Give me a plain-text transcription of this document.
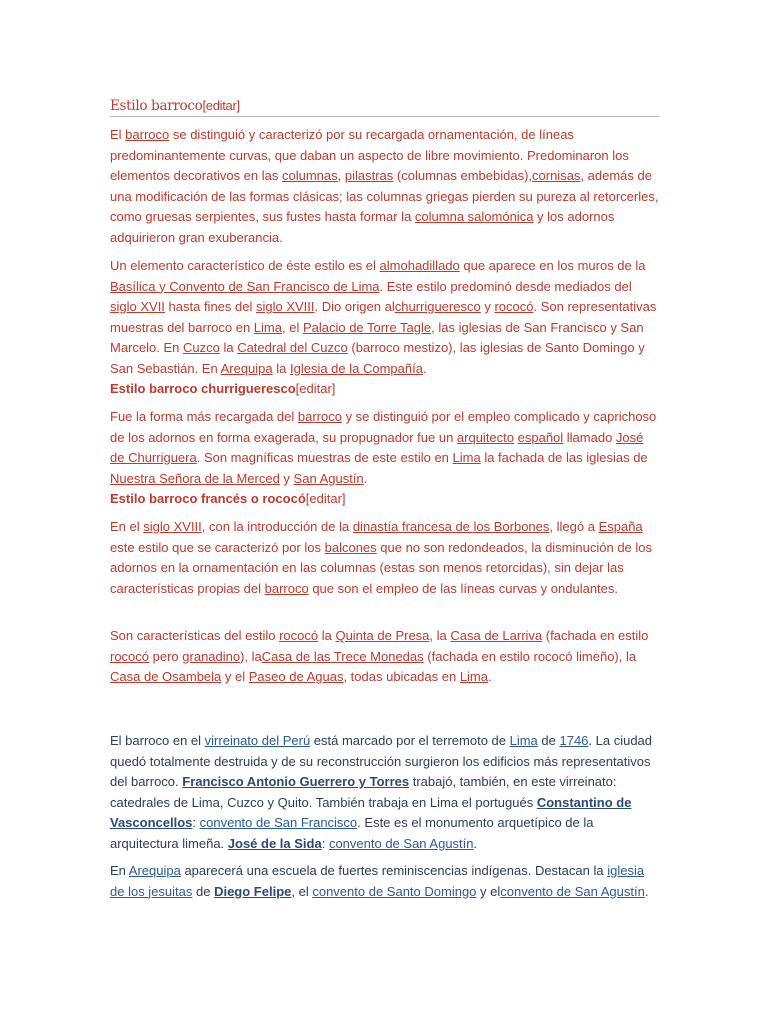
Estilo barroco[editar]

El barroco se distinguió y caracterizó por su recargada ornamentación, de líneas predominantemente curvas, que daban un aspecto de libre movimiento. Predominaron los elementos decorativos en las columnas, pilastras (columnas embebidas),cornisas, además de una modificación de las formas clásicas; las columnas griegas pierden su pureza al retorcerles, como gruesas serpientes, sus fustes hasta formar la columna salomónica y los adornos adquirieron gran exuberancia.

Un elemento característico de éste estilo es el almohadillado que aparece en los muros de la Basílica y Convento de San Francisco de Lima. Este estilo predominó desde mediados del siglo XVII hasta fines del siglo XVIII. Dio origen alchurrigueresco y rococó. Son representativas muestras del barroco en Lima, el Palacio de Torre Tagle, las iglesias de San Francisco y San Marcelo. En Cuzco la Catedral del Cuzco (barroco mestizo), las iglesias de Santo Domingo y San Sebastián. En Arequipa la Iglesia de la Compañía.
Estilo barroco churrigueresco[editar]

Fue la forma más recargada del barroco y se distinguió por el empleo complicado y caprichoso de los adornos en forma exagerada, su propugnador fue un arquitecto español llamado José de Churriguera. Son magníficas muestras de este estilo en Lima la fachada de las iglesias de Nuestra Señora de la Merced y San Agustín.
Estilo barroco francés o rococó[editar]

En el siglo XVIII, con la introducción de la dinastía francesa de los Borbones, llegó a España este estilo que se caracterizó por los balcones que no son redondeados, la disminución de los adornos en la ornamentación en las columnas (estas son menos retorcidas), sin dejar las características propias del barroco que son el empleo de las líneas curvas y ondulantes.

Son características del estilo rococó la Quinta de Presa, la Casa de Larriva (fachada en estilo rococó pero granadino), laCasa de las Trece Monedas (fachada en estilo rococó limeño), la Casa de Osambela y el Paseo de Aguas, todas ubicadas en Lima.

El barroco en el virreinato del Perú está marcado por el terremoto de Lima de 1746. La ciudad quedó totalmente destruida y de su reconstrucción surgieron los edificios más representativos del barroco. Francisco Antonio Guerrero y Torres trabajó, también, en este virreinato: catedrales de Lima, Cuzco y Quito. También trabaja en Lima el portugués Constantino de Vasconcellos: convento de San Francisco. Este es el monumento arquetípico de la arquitectura limeña. José de la Sida: convento de San Agustín.

En Arequipa aparecerá una escuela de fuertes reminiscencias indígenas. Destacan la iglesia de los jesuitas de Diego Felipe, el convento de Santo Domingo y elconvento de San Agustín.
